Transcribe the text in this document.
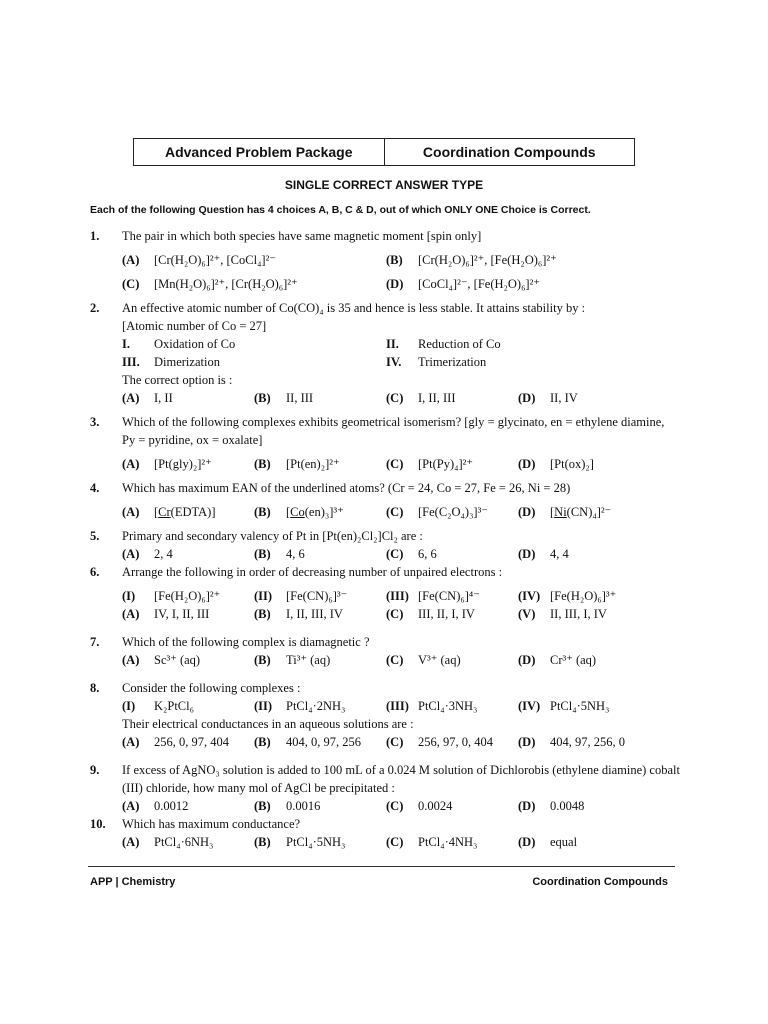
Advanced Problem Package	Coordination Compounds
SINGLE CORRECT ANSWER TYPE
Each of the following Question has 4 choices A, B, C & D, out of which ONLY ONE Choice is Correct.
1.	The pair in which both species have same magnetic moment [spin only]
(A)	[Cr(H₂O)₆]²⁺, [CoCl₄]²⁻	(B)	[Cr(H₂O)₆]²⁺, [Fe(H₂O)₆]²⁺
(C)	[Mn(H₂O)₆]²⁺, [Cr(H₂O)₆]²⁺	(D)	[CoCl₄]²⁻, [Fe(H₂O)₆]²⁺
2.	An effective atomic number of Co(CO)₄ is 35 and hence is less stable. It attains stability by :
[Atomic number of Co = 27]
I.	Oxidation of Co	II.	Reduction of Co
III.	Dimerization	IV.	Trimerization
The correct option is :
(A)	I, II	(B)	II, III	(C)	I, II, III	(D)	II, IV
3.	Which of the following complexes exhibits geometrical isomerism? [gly = glycinato, en = ethylene diamine, Py = pyridine, ox = oxalate]
(A)	[Pt(gly)₂]²⁺	(B)	[Pt(en)₂]²⁺	(C)	[Pt(Py)₄]²⁺	(D)	[Pt(ox)₂]
4.	Which has maximum EAN of the underlined atoms? (Cr = 24, Co = 27, Fe = 26, Ni = 28)
(A)	[Cr(EDTA)]	(B)	[Co(en)₃]³⁺	(C)	[Fe(C₂O₄)₃]³⁻ (D)	[Ni(CN)₄]²⁻
5.	Primary and secondary valency of Pt in [Pt(en)₂Cl₂]Cl₂ are :
(A)	2, 4	(B)	4, 6	(C)	6, 6	(D)	4, 4
6.	Arrange the following in order of decreasing number of unpaired electrons :
(I)	[Fe(H₂O)₆]²⁺	(II)	[Fe(CN)₆]³⁻	(III) [Fe(CN)₆]⁴⁻	(IV) [Fe(H₂O)₆]³⁺
(A)	IV, I, II, III	(B)	I, II, III, IV	(C)	III, II, I, IV	(V)	II, III, I, IV
7.	Which of the following complex is diamagnetic ?
(A)	Sc³⁺ (aq)	(B)	Ti³⁺ (aq)	(C)	V³⁺ (aq)	(D)	Cr³⁺ (aq)
8.	Consider the following complexes :
(I)	K₂PtCl₆	(II)	PtCl₄·2NH₃	(III) PtCl₄·3NH₃	(IV) PtCl₄·5NH₃
Their electrical conductances in an aqueous solutions are :
(A)	256, 0, 97, 404 (B)	404, 0, 97, 256 (C)	256, 97, 0, 404 (D)	404, 97, 256, 0
9.	If excess of AgNO₃ solution is added to 100 mL of a 0.024 M solution of Dichlorobis (ethylene diamine) cobalt (III) chloride, how many mol of AgCl be precipitated :
(A)	0.0012	(B)	0.0016	(C)	0.0024	(D)	0.0048
10.	Which has maximum conductance?
(A)	PtCl₄·6NH₃	(B)	PtCl₄·5NH₃	(C)	PtCl₄·4NH₃	(D)	equal
APP | Chemistry	Coordination Compounds
